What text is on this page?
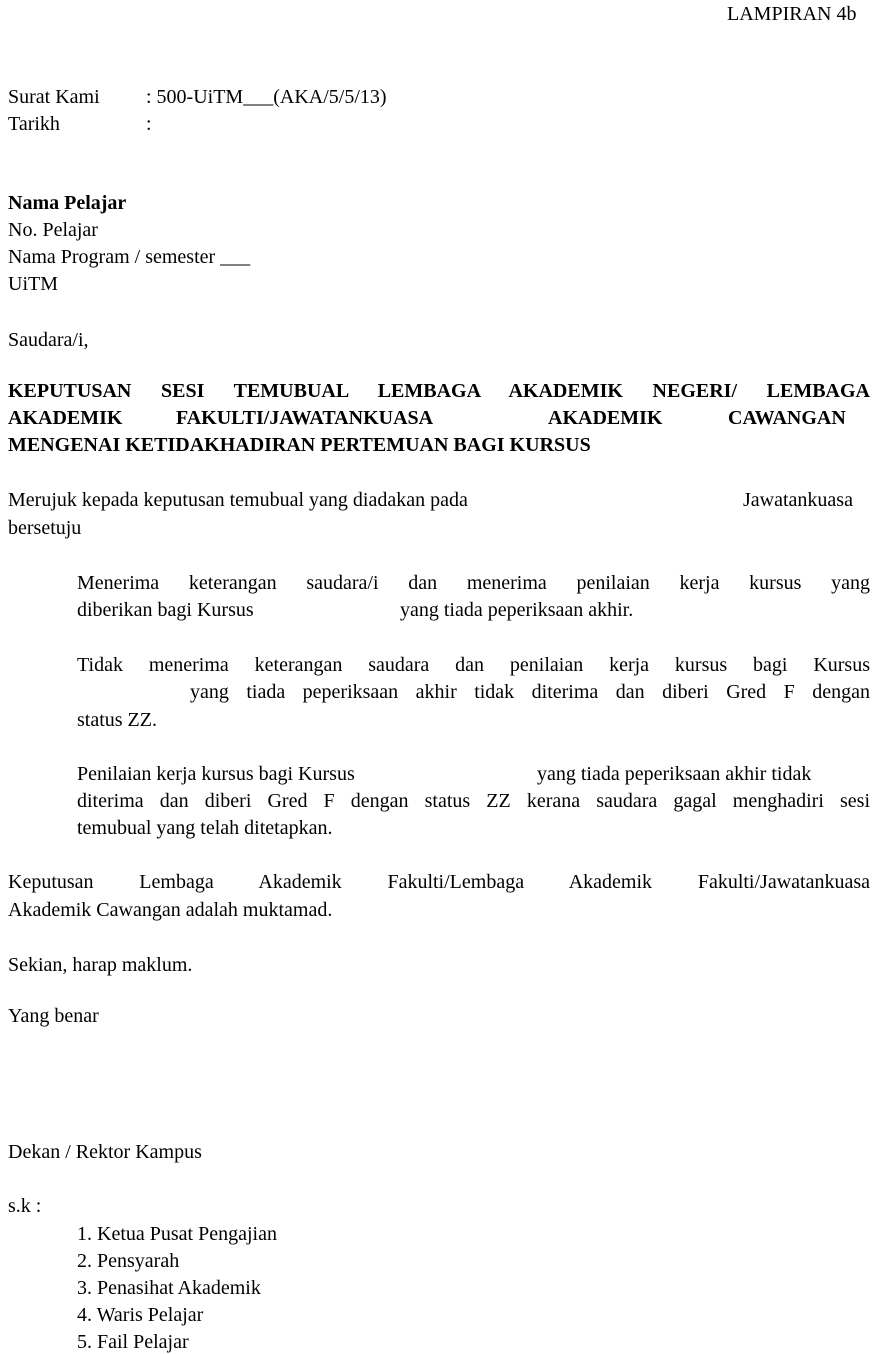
LAMPIRAN 4b
Surat Kami : 500-UiTM___(AKA/5/5/13)
Tarikh	:
Nama Pelajar
No. Pelajar
Nama Program / semester ___
UiTM
Saudara/i,
KEPUTUSAN SESI TEMUBUAL LEMBAGA AKADEMIK NEGERI/ LEMBAGA
AKADEMIK	FAKULTI/JAWATANKUASA	AKADEMIK	CAWANGAN
MENGENAI KETIDAKHADIRAN PERTEMUAN BAGI KURSUS
Merujuk kepada keputusan temubual yang diadakan pada	Jawatankuasa
bersetuju
Menerima keterangan saudara/i dan menerima penilaian kerja kursus yang
diberikan bagi Kursus	yang tiada peperiksaan akhir.
Tidak menerima keterangan saudara dan penilaian kerja kursus bagi Kursus
yang tiada peperiksaan akhir tidak diterima dan diberi Gred F dengan
status ZZ.
Penilaian kerja kursus bagi Kursus	yang tiada peperiksaan akhir tidak
diterima dan diberi Gred F dengan status ZZ kerana saudara gagal menghadiri sesi
temubual yang telah ditetapkan.
Keputusan Lembaga Akademik Fakulti/Lembaga Akademik Fakulti/Jawatankuasa
Akademik Cawangan adalah muktamad.
Sekian, harap maklum.
Yang benar
Dekan / Rektor Kampus
s.k :
1. Ketua Pusat Pengajian
2. Pensyarah
3. Penasihat Akademik
4. Waris Pelajar
5. Fail Pelajar
